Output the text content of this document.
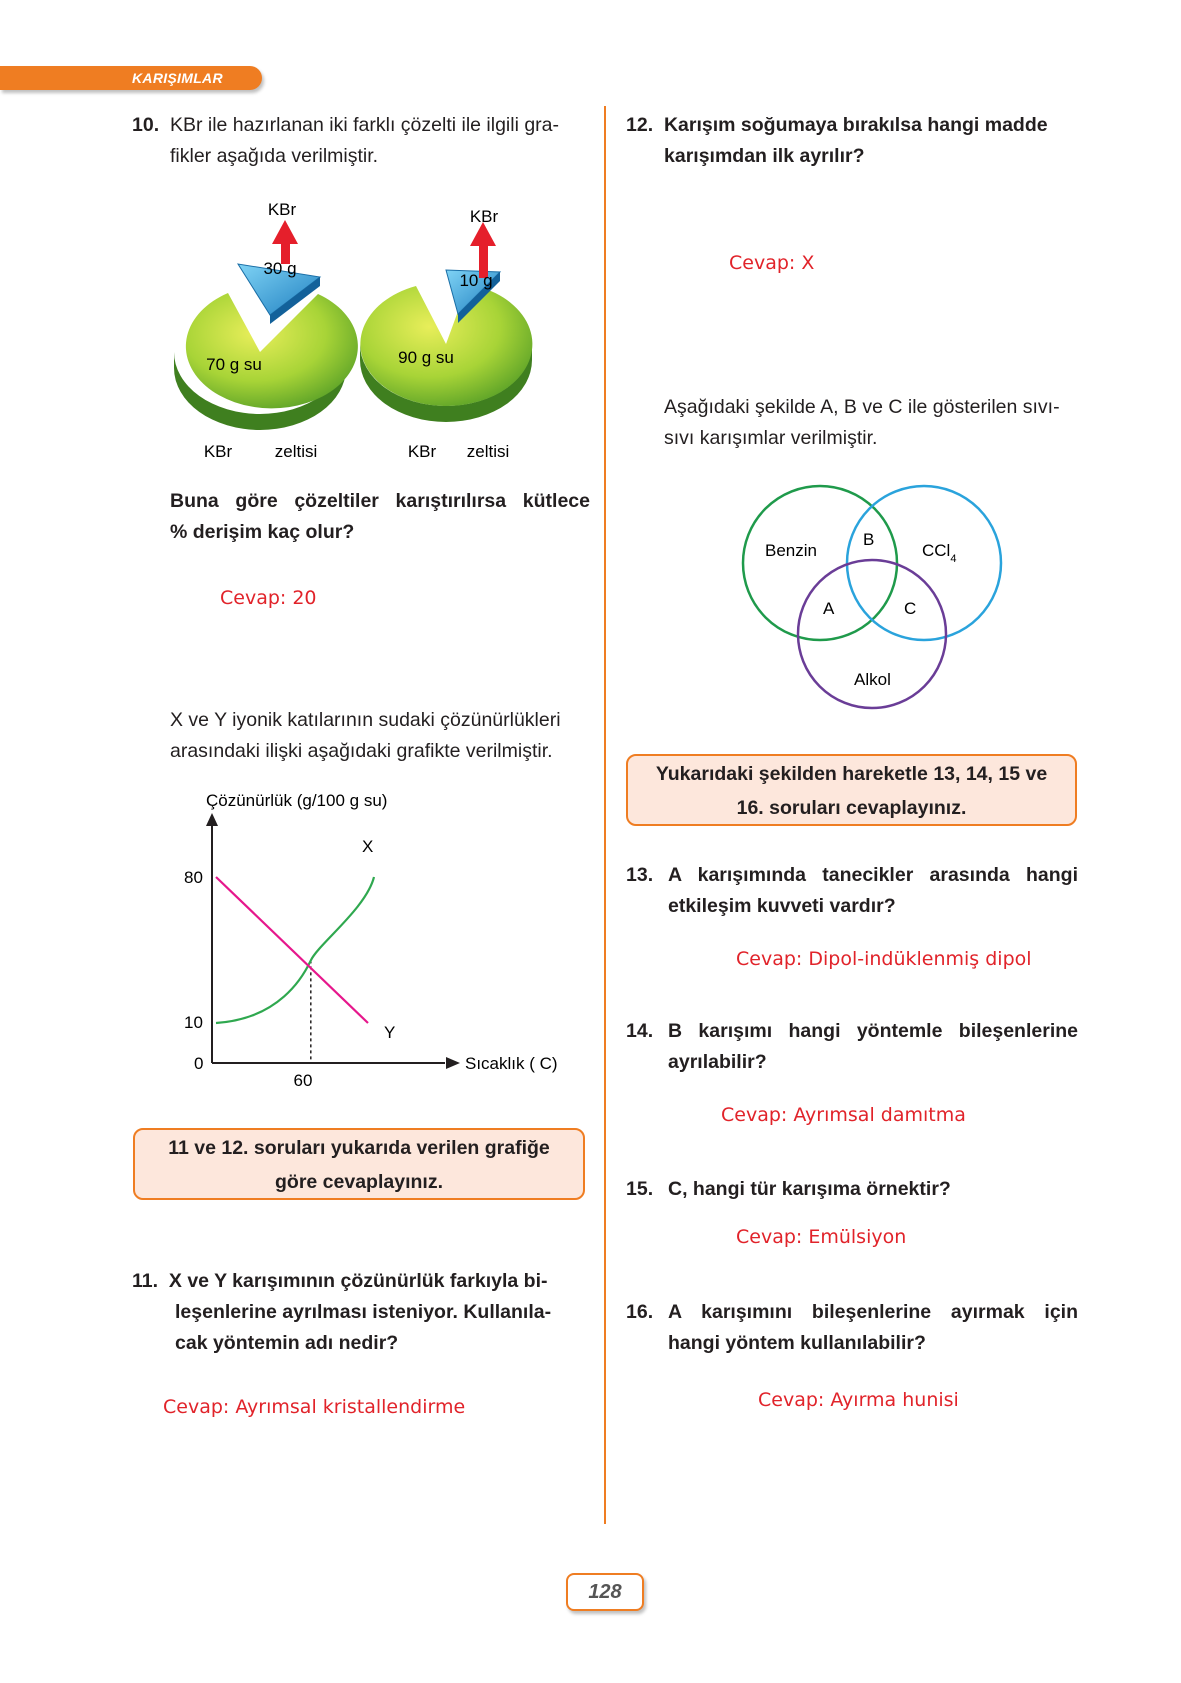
KARIŞIMLAR
10. KBr ile hazırlanan iki farklı çözelti ile ilgili gra-
fikler aşağıda verilmiştir.
KBr
30 g
70 g su
KBr	zeltisi
KBr
10 g
90 g su
KBr zeltisi
Buna göre çözeltiler karıştırılırsa kütlece
% derişim kaç olur?
Cevap: 20
X ve Y iyonik katılarının sudaki çözünürlükleri
arasındaki ilişki aşağıdaki grafikte verilmiştir.
Çözünürlük (g/100 g su)
Sıcaklık ( C)
80
10
0
60
X
Y
11 ve 12. soruları yukarıda verilen grafiğe
göre cevaplayınız.
11. X ve Y karışımının çözünürlük farkıyla bi-
leşenlerine ayrılması isteniyor. Kullanıla-
cak yöntemin adı nedir?
Cevap: Ayrımsal kristallendirme
12. Karışım soğumaya bırakılsa hangi madde
karışımdan ilk ayrılır?
Cevap: X
Aşağıdaki şekilde A, B ve C ile gösterilen sıvı-
sıvı karışımlar verilmiştir.
Benzin	CCl$_4$
Alkol
B
A	C
Yukarıdaki şekilden hareketle 13, 14, 15 ve
16. soruları cevaplayınız.
13. A karışımında tanecikler arasında hangi
etkileşim kuvveti vardır?
Cevap: Dipol-indüklenmiş dipol
14. B karışımı hangi yöntemle bileşenlerine
ayrılabilir?
Cevap: Ayrımsal damıtma
15. C, hangi tür karışıma örnektir?
Cevap: Emülsiyon
16. A karışımını bileşenlerine ayırmak için
hangi yöntem kullanılabilir?
Cevap: Ayırma hunisi
128
